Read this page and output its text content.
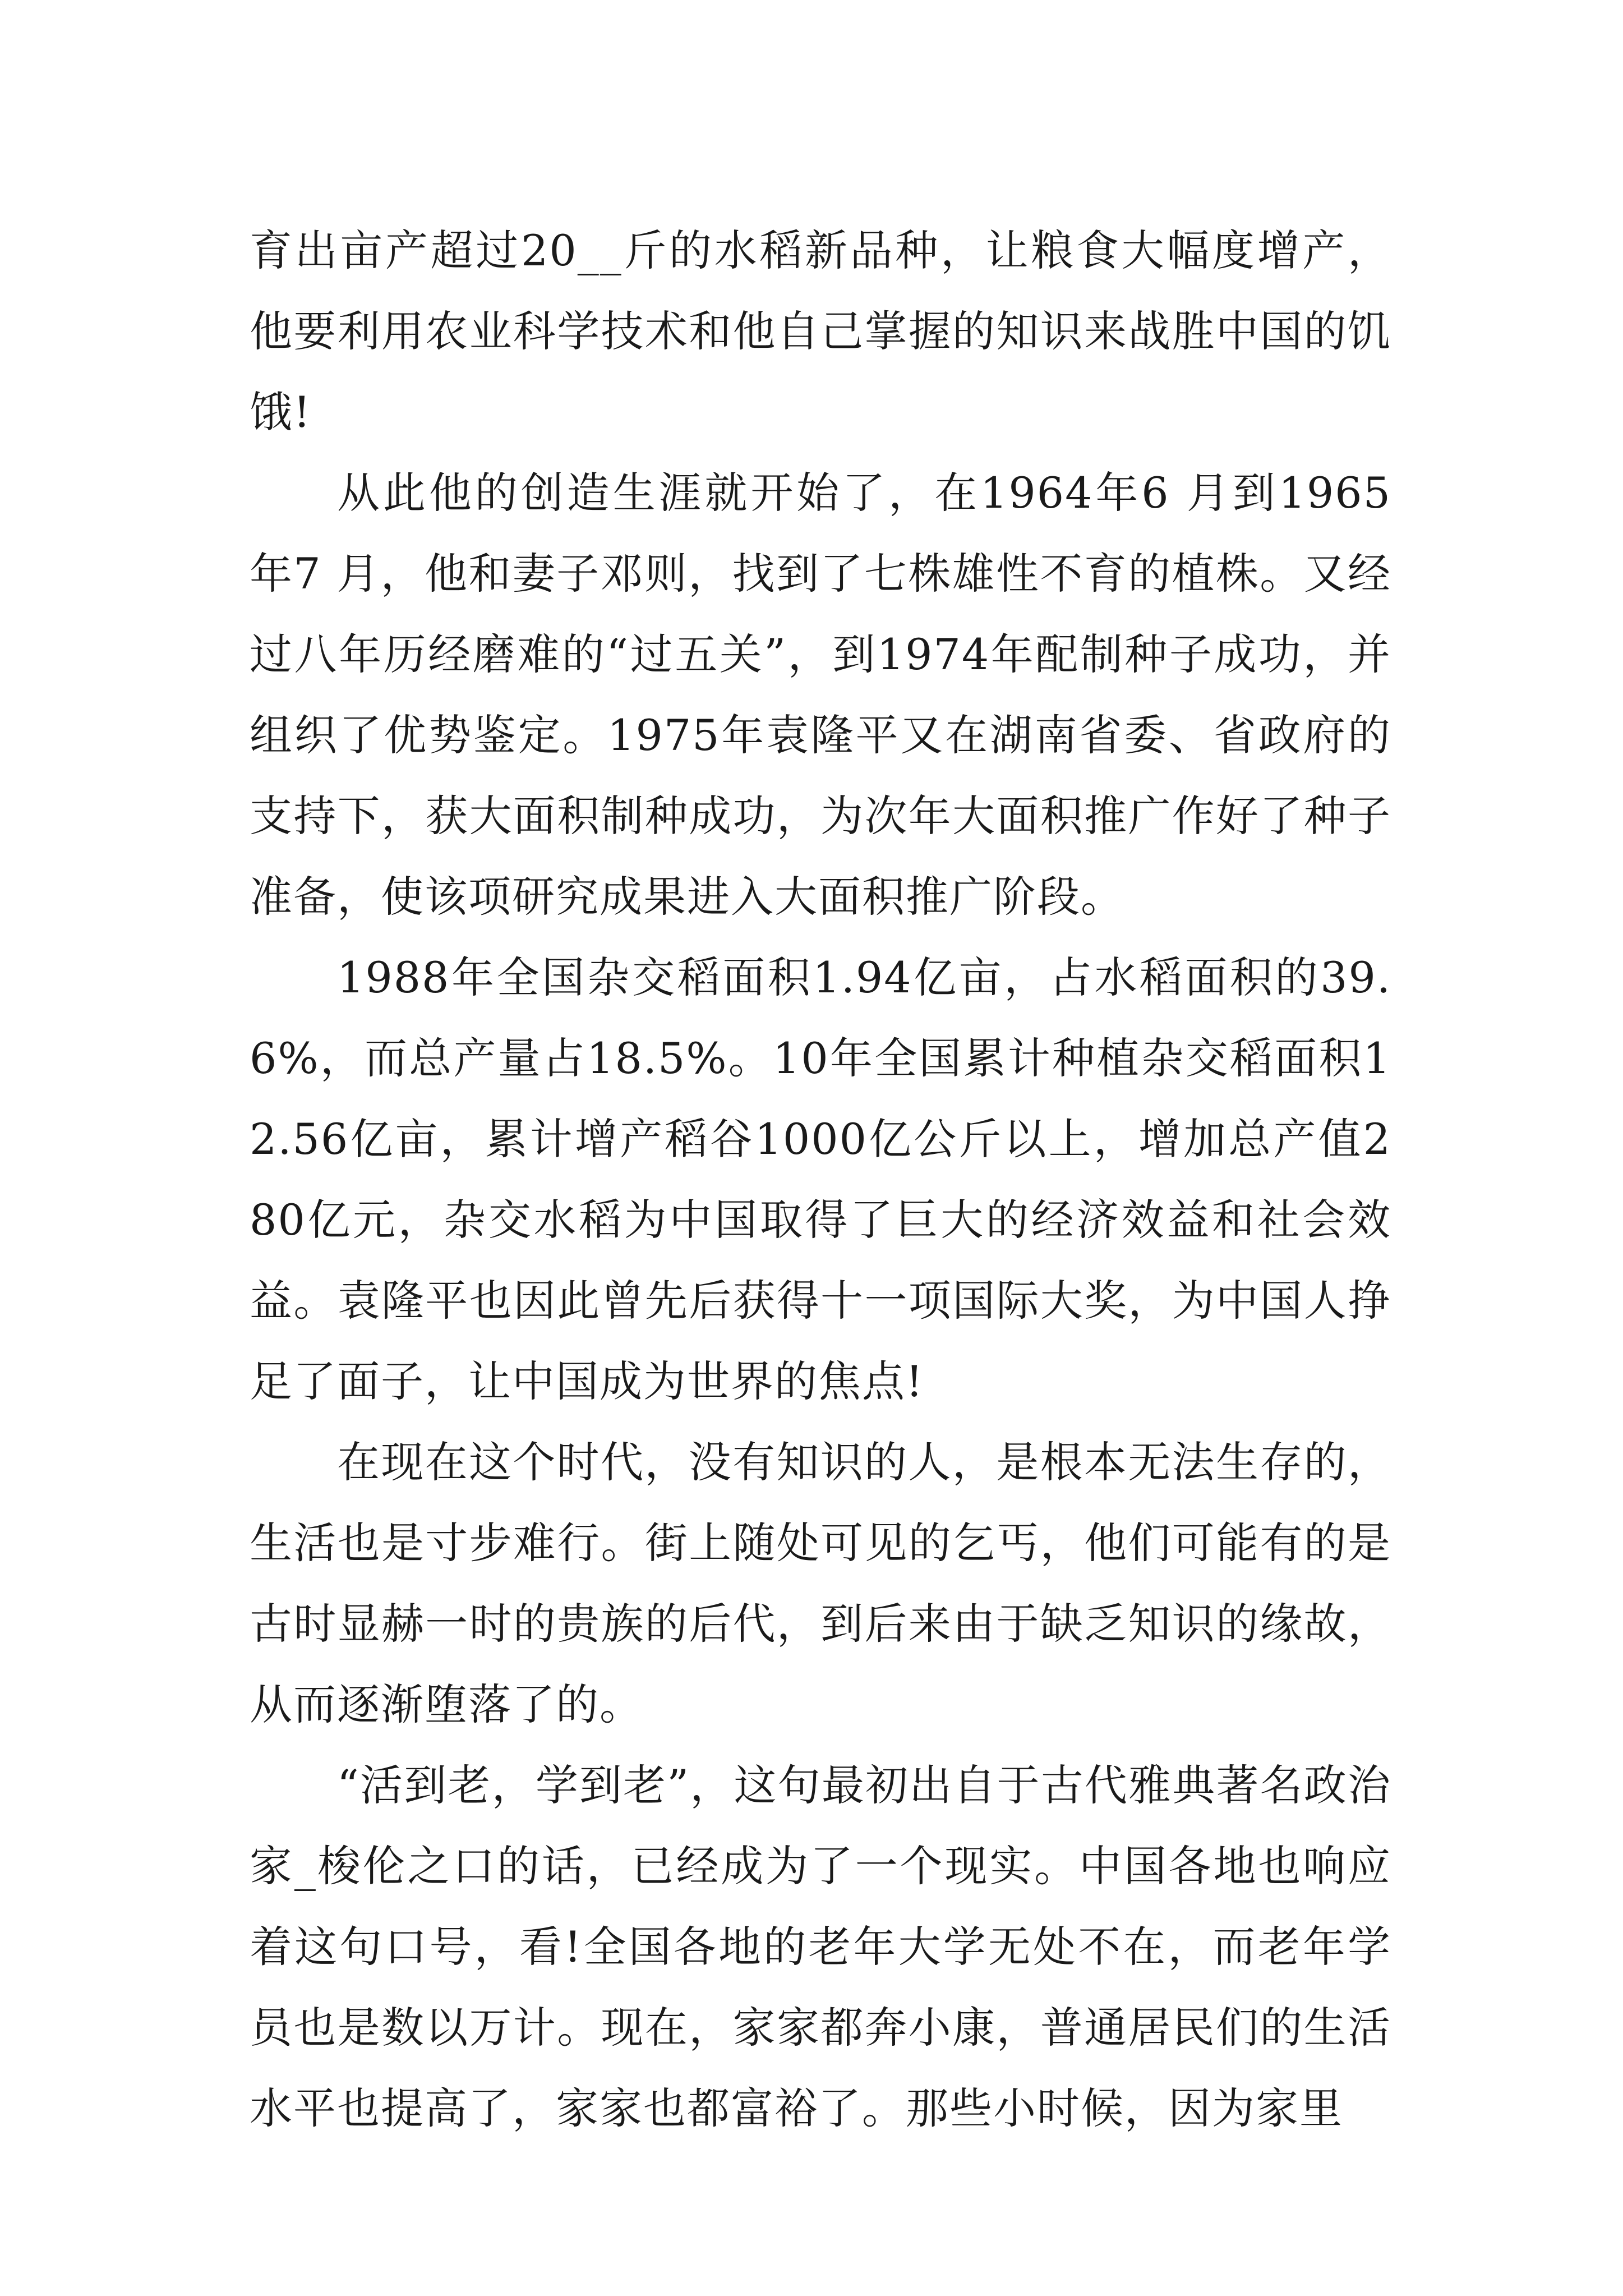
育出亩产超过20__斤的水稻新品种，让粮食大幅度增产，他要利用农业科学技术和他自己掌握的知识来战胜中国的饥饿!

从此他的创造生涯就开始了，在1964年6 月到1965年7 月，他和妻子邓则，找到了七株雄性不育的植株。又经过八年历经磨难的“过五关”，到1974年配制种子成功，并组织了优势鉴定。1975年袁隆平又在湖南省委、省政府的支持下，获大面积制种成功，为次年大面积推广作好了种子准备，使该项研究成果进入大面积推广阶段。

1988年全国杂交稻面积1.94亿亩，占水稻面积的39.6%，而总产量占18.5%。10年全国累计种植杂交稻面积12.56亿亩，累计增产稻谷1000亿公斤以上，增加总产值280亿元，杂交水稻为中国取得了巨大的经济效益和社会效益。袁隆平也因此曾先后获得十一项国际大奖，为中国人挣足了面子，让中国成为世界的焦点!

在现在这个时代，没有知识的人，是根本无法生存的，生活也是寸步难行。街上随处可见的乞丐，他们可能有的是古时显赫一时的贵族的后代，到后来由于缺乏知识的缘故，从而逐渐堕落了的。

“活到老，学到老”，这句最初出自于古代雅典著名政治家_梭伦之口的话，已经成为了一个现实。中国各地也响应着这句口号，看!全国各地的老年大学无处不在，而老年学员也是数以万计。现在，家家都奔小康，普通居民们的生活水平也提高了，家家也都富裕了。那些小时候，因为家里
